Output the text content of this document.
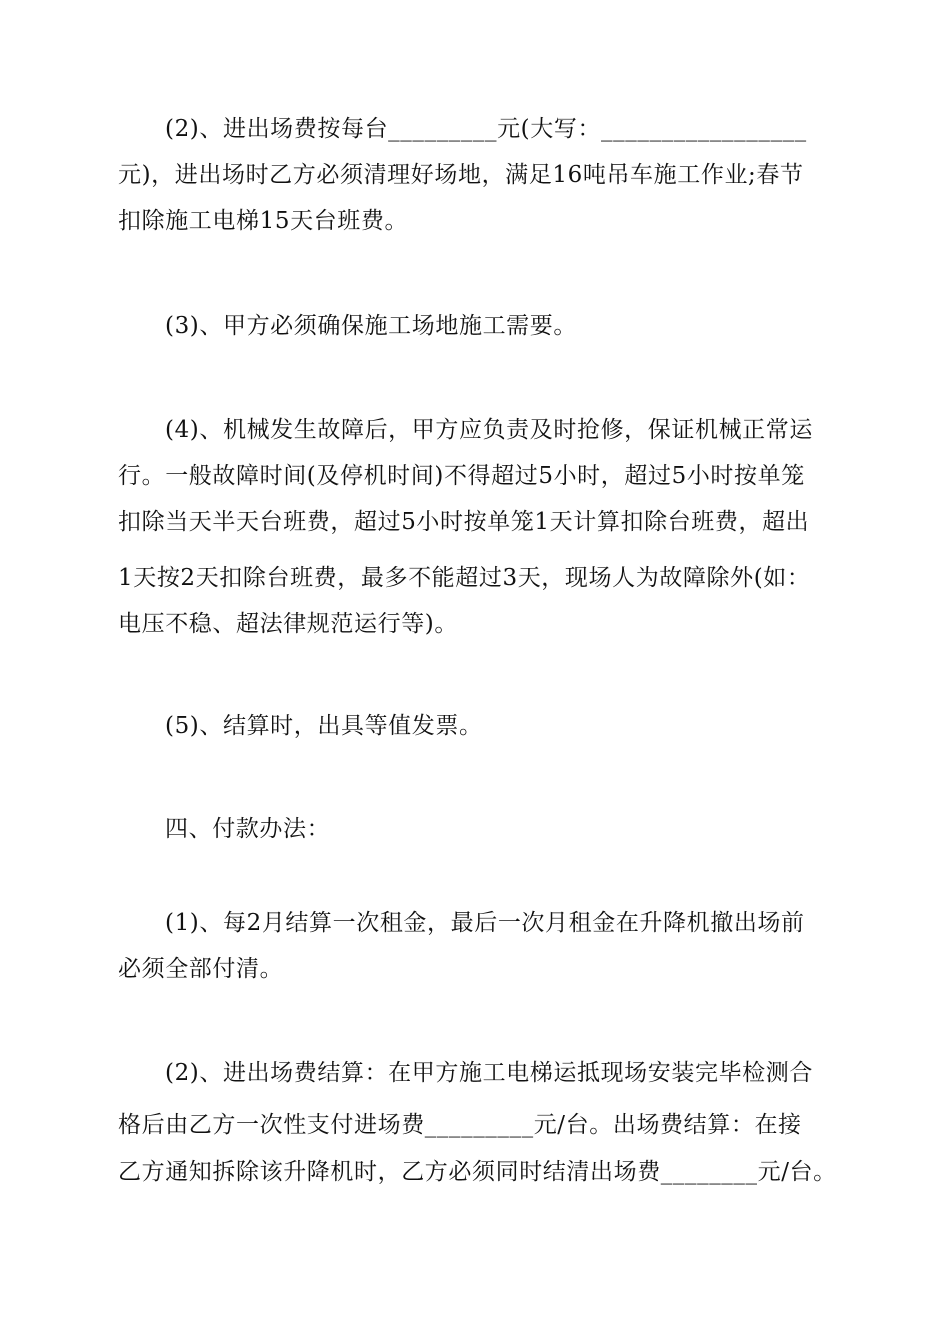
(2)、进出场费按每台_________元(大写：_________________
元)，进出场时乙方必须清理好场地，满足16吨吊车施工作业;春节
扣除施工电梯15天台班费。
(3)、甲方必须确保施工场地施工需要。
(4)、机械发生故障后，甲方应负责及时抢修，保证机械正常运
行。一般故障时间(及停机时间)不得超过5小时，超过5小时按单笼
扣除当天半天台班费，超过5小时按单笼1天计算扣除台班费，超出
1天按2天扣除台班费，最多不能超过3天，现场人为故障除外(如：
电压不稳、超法律规范运行等)。
(5)、结算时，出具等值发票。
四、付款办法：
(1)、每2月结算一次租金，最后一次月租金在升降机撤出场前
必须全部付清。
(2)、进出场费结算：在甲方施工电梯运抵现场安装完毕检测合
格后由乙方一次性支付进场费_________元/台。出场费结算：在接
乙方通知拆除该升降机时，乙方必须同时结清出场费________元/台。
